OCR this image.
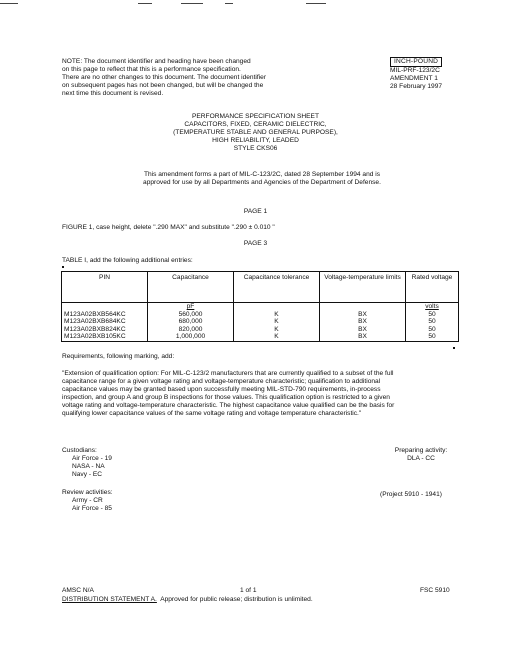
NOTE: The document identifier and heading have been changed
on this page to reflect that this is a performance specification.
There are no other changes to this document. The document identifier
on subsequent pages has not been changed, but will be changed the
next time this document is revised.
INCH-POUND
MIL-PRF-123/2C
AMENDMENT 1
28 February 1997
PERFORMANCE SPECIFICATION SHEET
CAPACITORS, FIXED, CERAMIC DIELECTRIC,
(TEMPERATURE STABLE AND GENERAL PURPOSE),
HIGH RELIABILITY, LEADED
STYLE CKS06
This amendment forms a part of MIL-C-123/2C, dated 28 September 1994 and is
approved for use by all Departments and Agencies of the Department of Defense.
PAGE 1
FIGURE 1, case height, delete ".290 MAX" and substitute ".290 ± 0.010 "
PAGE 3
TABLE I, add the following additional entries:
PIN	Capacitance	Capacitance tolerance	Voltage-temperature limits	Rated voltage
	pF			volts
M123A02BXB564KC	560,000	K	BX	50
M123A02BXB684KC	680,000	K	BX	50
M123A02BXB824KC	820,000	K	BX	50
M123A02BXB105KC	1,000,000	K	BX	50
Requirements, following marking, add:
"Extension of qualification option: For MIL-C-123/2 manufacturers that are currently qualified to a subset of the full
capacitance range for a given voltage rating and voltage-temperature characteristic; qualification to additional
capacitance values may be granted based upon successfully meeting MIL-STD-790 requirements, in-process
inspection, and group A and group B inspections for those values. This qualification option is restricted to a given
voltage rating and voltage-temperature characteristic. The highest capacitance value qualified can be the basis for
qualifying lower capacitance values of the same voltage rating and voltage temperature characteristic."
Custodians:
Air Force - 19
NASA - NA
Navy - EC
Preparing activity:
DLA - CC
Review activities:
Army - CR
Air Force - 85
(Project 5910 - 1941)
AMSC N/A	1 of 1	FSC 5910
DISTRIBUTION STATEMENT A.  Approved for public release; distribution is unlimited.
